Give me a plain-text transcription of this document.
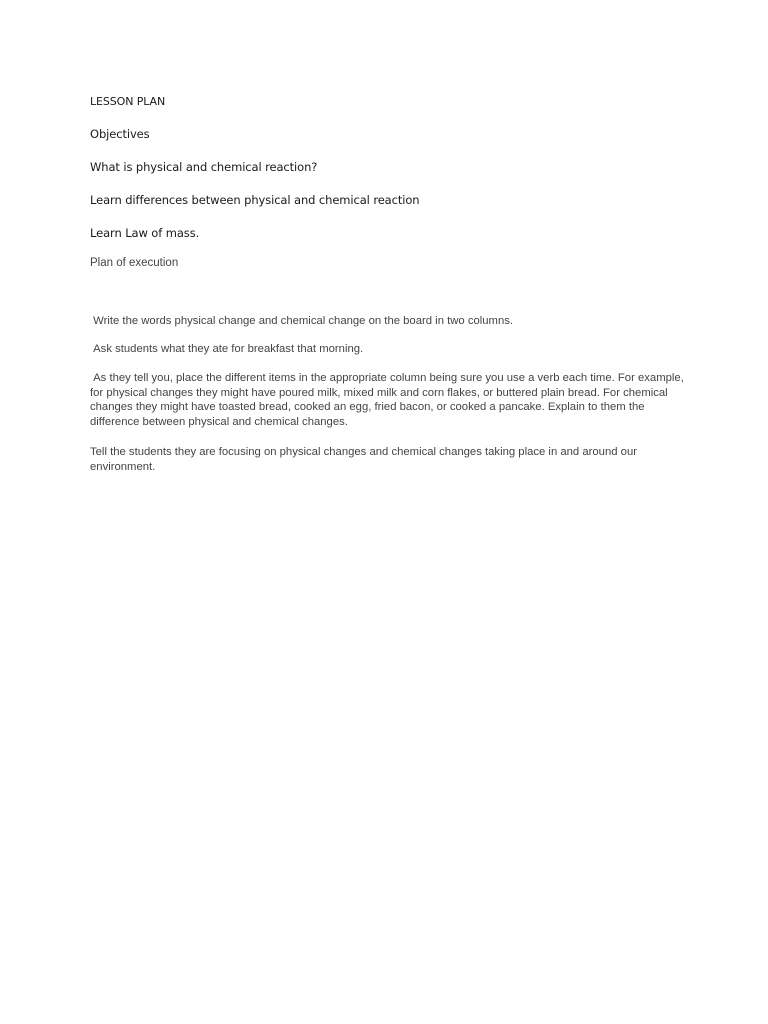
LESSON PLAN
Objectives
What is physical and chemical reaction?
Learn differences between physical and chemical reaction
Learn Law of mass.
Plan of execution

Write the words physical change and chemical change on the board in two columns.

Ask students what they ate for breakfast that morning.

As they tell you, place the different items in the appropriate column being sure you use a verb each time. For example, for physical changes they might have poured milk, mixed milk and corn flakes, or buttered plain bread. For chemical changes they might have toasted bread, cooked an egg, fried bacon, or cooked a pancake. Explain to them the difference between physical and chemical changes.

Tell the students they are focusing on physical changes and chemical changes taking place in and around our environment.
